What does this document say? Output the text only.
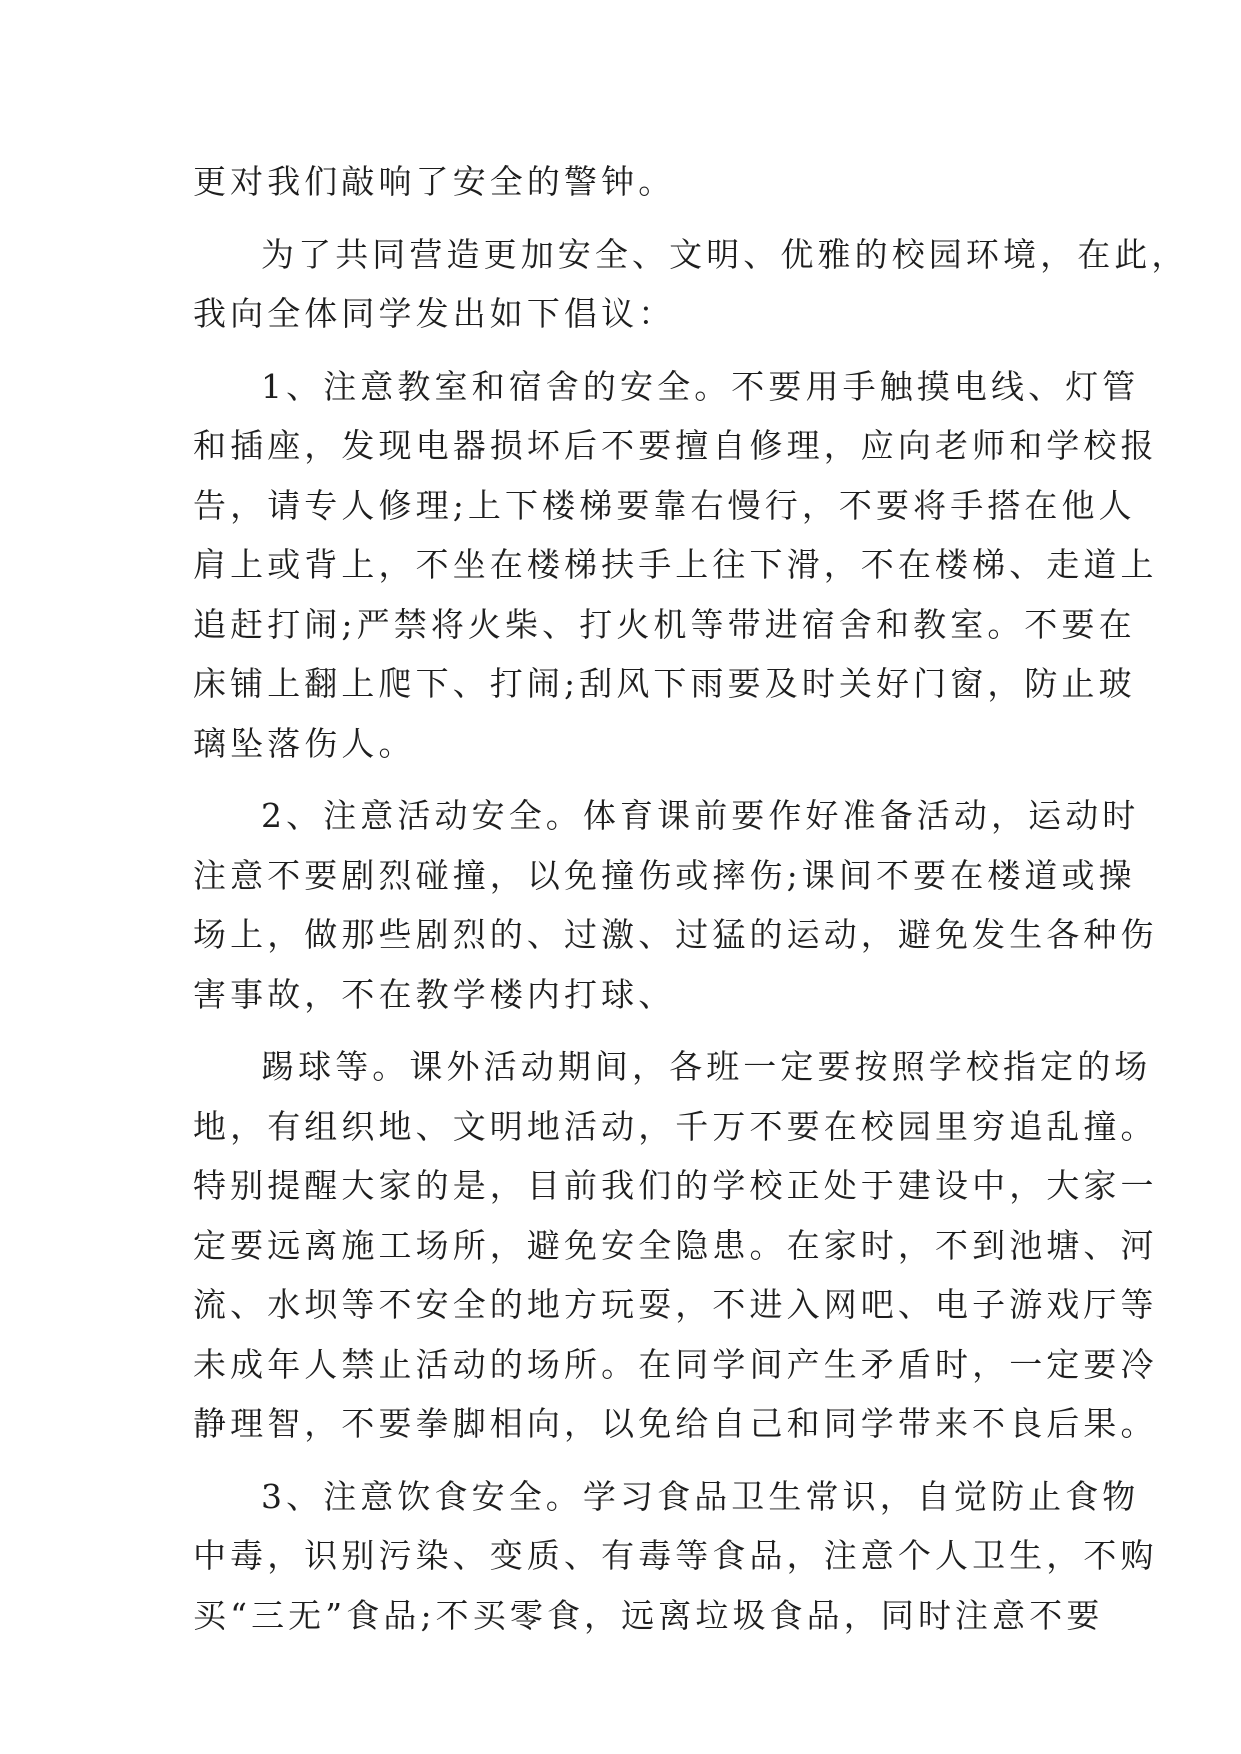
更对我们敲响了安全的警钟。
为了共同营造更加安全、文明、优雅的校园环境，在此，
我向全体同学发出如下倡议：
1、注意教室和宿舍的安全。不要用手触摸电线、灯管
和插座，发现电器损坏后不要擅自修理，应向老师和学校报
告，请专人修理;上下楼梯要靠右慢行，不要将手搭在他人
肩上或背上，不坐在楼梯扶手上往下滑，不在楼梯、走道上
追赶打闹;严禁将火柴、打火机等带进宿舍和教室。不要在
床铺上翻上爬下、打闹;刮风下雨要及时关好门窗，防止玻
璃坠落伤人。
2、注意活动安全。体育课前要作好准备活动，运动时
注意不要剧烈碰撞，以免撞伤或摔伤;课间不要在楼道或操
场上，做那些剧烈的、过激、过猛的运动，避免发生各种伤
害事故，不在教学楼内打球、
踢球等。课外活动期间，各班一定要按照学校指定的场
地，有组织地、文明地活动，千万不要在校园里穷追乱撞。
特别提醒大家的是，目前我们的学校正处于建设中，大家一
定要远离施工场所，避免安全隐患。在家时，不到池塘、河
流、水坝等不安全的地方玩耍，不进入网吧、电子游戏厅等
未成年人禁止活动的场所。在同学间产生矛盾时，一定要冷
静理智，不要拳脚相向，以免给自己和同学带来不良后果。
3、注意饮食安全。学习食品卫生常识，自觉防止食物
中毒，识别污染、变质、有毒等食品，注意个人卫生，不购
买“三无”食品;不买零食，远离垃圾食品，同时注意不要
